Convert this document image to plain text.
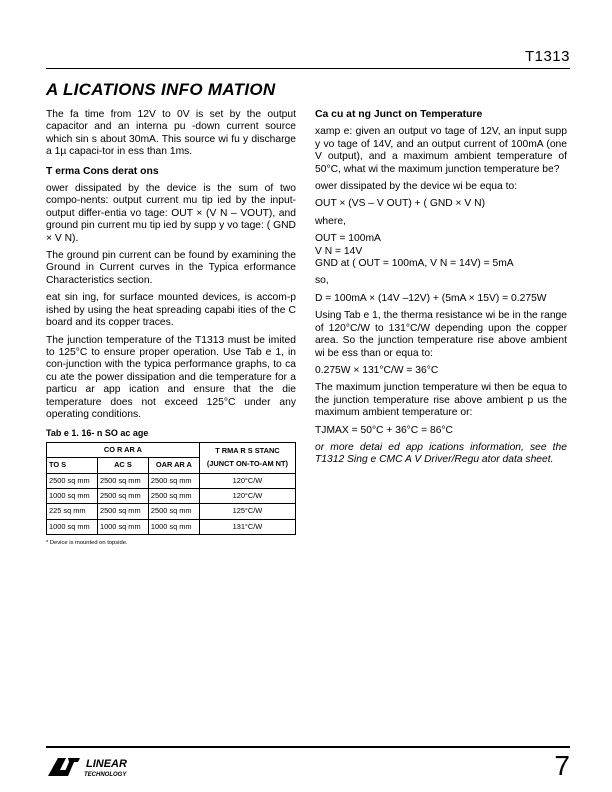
T1313
A LICATIONS INFO MATION

The fa time from 12V to 0V is set by the output capacitor and an interna pu -down current source which sin s about 30mA. This source wi fu y discharge a 1µ capaci-tor in ess than 1ms.

T erma Cons derat ons

ower dissipated by the device is the sum of two compo-nents: output current mu tip ied by the input-output differ-entia vo tage: OUT × (V N – VOUT), and ground pin current mu tip ied by supp y vo tage: ( GND × V N).

The ground pin current can be found by examining the Ground in Current curves in the Typica erformance Characteristics section.

eat sin ing, for surface mounted devices, is accom-p ished by using the heat spreading capabi ities of the C board and its copper traces.

The junction temperature of the T1313 must be imited to 125°C to ensure proper operation. Use Tab e 1, in con-junction with the typica performance graphs, to ca cu ate the power dissipation and die temperature for a particu ar app ication and ensure that the die temperature does not exceed 125°C under any operating conditions.

Tab e 1. 16- n SO ac age
CO R AR A			T RMA R S STANC
(JUNCT ON-TO-AM NT)
TO S	AC S	OAR AR A	
2500 sq mm	2500 sq mm	2500 sq mm	120°C/W
1000 sq mm	2500 sq mm	2500 sq mm	120°C/W
225 sq mm	2500 sq mm	2500 sq mm	125°C/W
1000 sq mm	1000 sq mm	1000 sq mm	131°C/W
* Device is mounted on topside.
Ca cu at ng Junct on Temperature

xamp e: given an output vo tage of 12V, an input supp y vo tage of 14V, and an output current of 100mA (one V output), and a maximum ambient temperature of 50°C, what wi the maximum junction temperature be?

ower dissipated by the device wi be equa to:

OUT × (VS – V OUT) + ( GND × V N)

where,

OUT = 100mA

V N = 14V

GND at ( OUT = 100mA, V N = 14V) = 5mA

so,

D = 100mA × (14V –12V) + (5mA × 15V) = 0.275W

Using Tab e 1, the therma resistance wi be in the range of 120°C/W to 131°C/W depending upon the copper area. So the junction temperature rise above ambient wi be ess than or equa to:

0.275W × 131°C/W = 36°C

The maximum junction temperature wi then be equa to the junction temperature rise above ambient p us the maximum ambient temperature or:

TJMAX = 50°C + 36°C = 86°C

or more detai ed app ications information, see the T1312 Sing e CMC A V Driver/Regu ator data sheet.

LINEAR
TECHNOLOGY	7
